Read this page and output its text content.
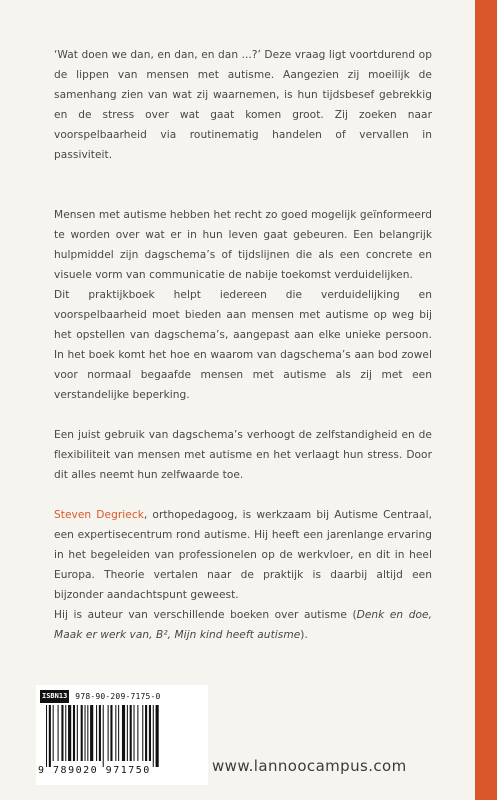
‘Wat doen we dan, en dan, en dan ...?’ Deze vraag ligt voortdurend op de lippen van mensen met autisme. Aangezien zij moeilijk de samenhang zien van wat zij waarnemen, is hun tijdsbesef gebrekkig en de stress over wat gaat komen groot. Zij zoeken naar voorspelbaarheid via routinematig handelen of vervallen in passiviteit.

Mensen met autisme hebben het recht zo goed mogelijk geïnformeerd te worden over wat er in hun leven gaat gebeuren. Een belangrijk hulpmiddel zijn dagschema’s of tijdslijnen die als een concrete en visuele vorm van communicatie de nabije toekomst verduidelijken.

Dit praktijkboek helpt iedereen die verduidelijking en voorspelbaarheid moet bieden aan mensen met autisme op weg bij het opstellen van dagschema’s, aangepast aan elke unieke persoon. In het boek komt het hoe en waarom van dagschema’s aan bod zowel voor normaal begaafde mensen met autisme als zij met een verstandelijke beperking.

Een juist gebruik van dagschema’s verhoogt de zelfstandigheid en de flexibiliteit van mensen met autisme en het verlaagt hun stress. Door dit alles neemt hun zelfwaarde toe.

Steven Degrieck, orthopedagoog, is werkzaam bij Autisme Centraal, een expertisecentrum rond autisme. Hij heeft een jarenlange ervaring in het begeleiden van professionelen op de werkvloer, en dit in heel Europa. Theorie vertalen naar de praktijk is daarbij altijd een bijzonder aandachtspunt geweest.

Hij is auteur van verschillende boeken over autisme (Denk en doe, Maak er werk van, B², Mijn kind heeft autisme).

ISBN13 978-90-209-7175-0
9 789020 971750	www.lannoocampus.com
